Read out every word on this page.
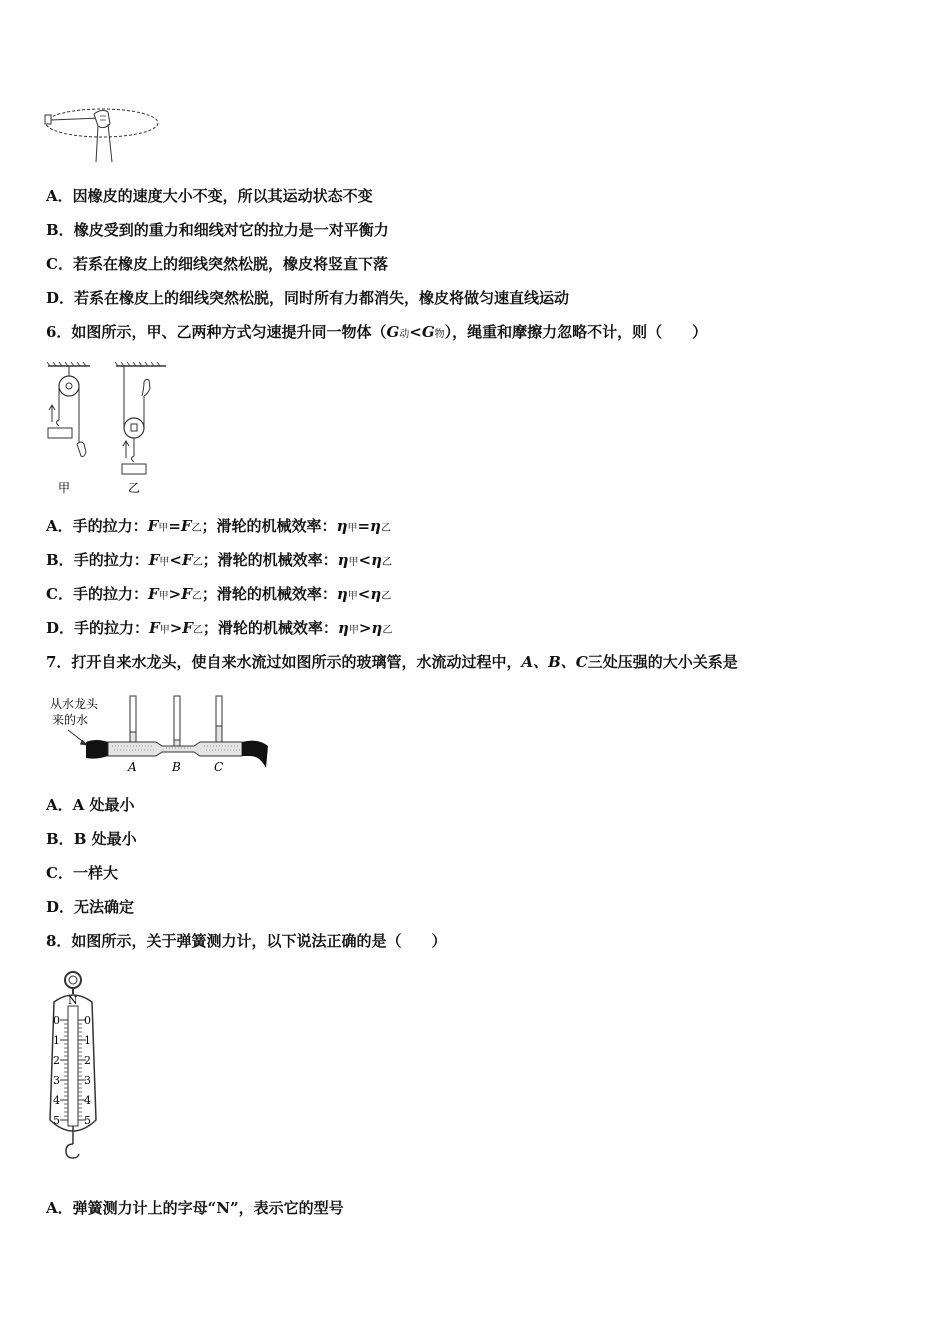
A．因橡皮的速度大小不变，所以其运动状态不变
B．橡皮受到的重力和细线对它的拉力是一对平衡力
C．若系在橡皮上的细线突然松脱，橡皮将竖直下落
D．若系在橡皮上的细线突然松脱，同时所有力都消失，橡皮将做匀速直线运动
6．如图所示，甲、乙两种方式匀速提升同一物体（G动<G物），绳重和摩擦力忽略不计，则（　　）
甲	乙
A．手的拉力：F甲=F乙；滑轮的机械效率：η甲=η乙
B．手的拉力：F甲<F乙；滑轮的机械效率：η甲<η乙
C．手的拉力：F甲>F乙；滑轮的机械效率：η甲<η乙
D．手的拉力：F甲>F乙；滑轮的机械效率：η甲>η乙
7．打开自来水龙头，使自来水流过如图所示的玻璃管，水流动过程中，A、B、C三处压强的大小关系是
从水龙头
来的水
A	B	C
A．A 处最小
B．B 处最小
C．一样大
D．无法确定
8．如图所示，关于弹簧测力计，以下说法正确的是（　　）
N
0 0
1 1
2 2
3 3
4 4
5 5
A．弹簧测力计上的字母“N”，表示它的型号
